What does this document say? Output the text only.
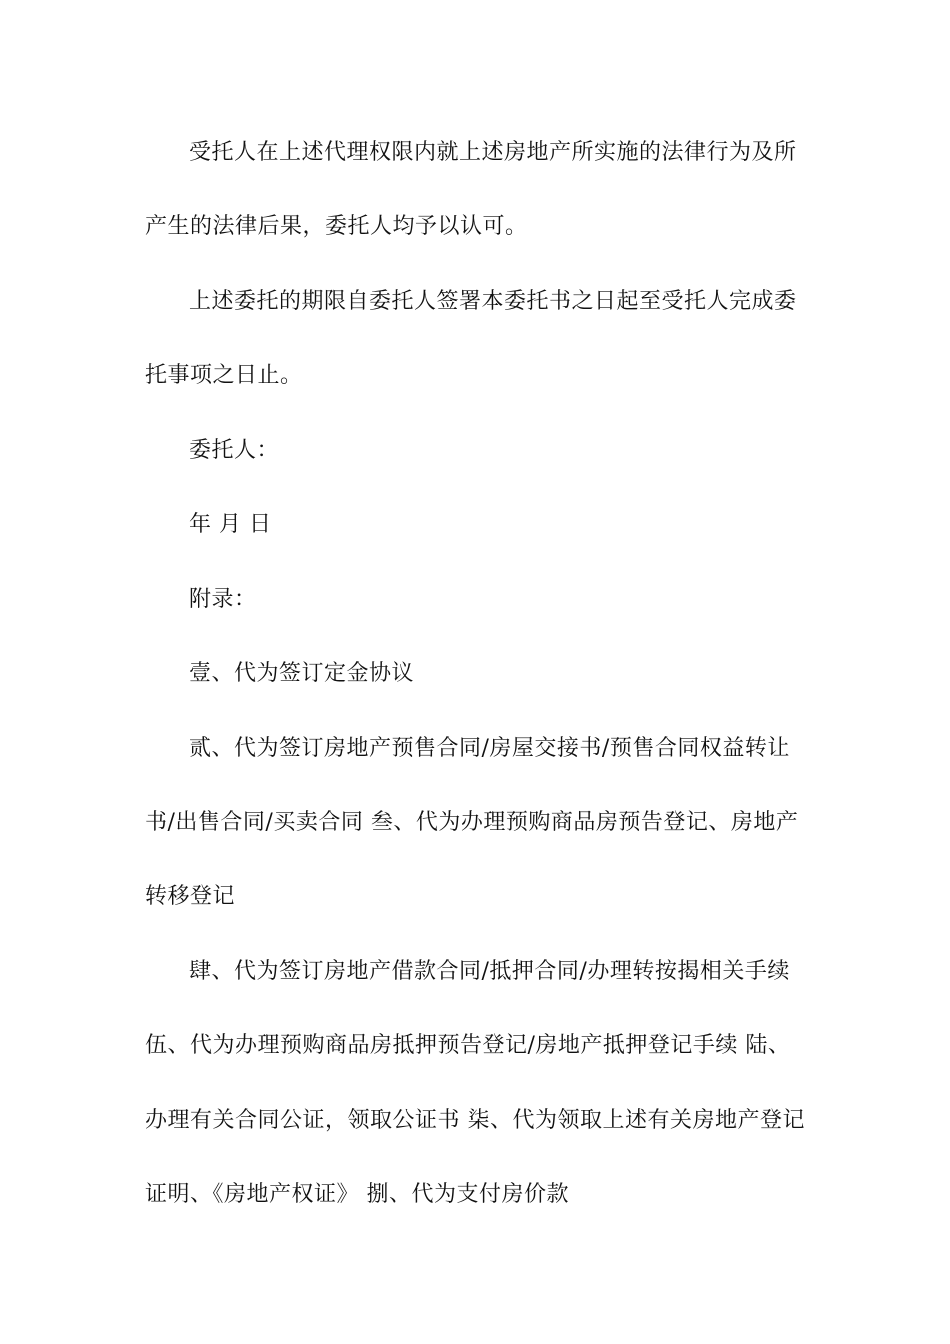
受托人在上述代理权限内就上述房地产所实施的法律行为及所
产生的法律后果，委托人均予以认可。
上述委托的期限自委托人签署本委托书之日起至受托人完成委
托事项之日止。
委托人：
年 月 日
附录：
壹、代为签订定金协议
贰、代为签订房地产预售合同/房屋交接书/预售合同权益转让
书/出售合同/买卖合同 叁、代为办理预购商品房预告登记、房地产
转移登记
肆、代为签订房地产借款合同/抵押合同/办理转按揭相关手续
伍、代为办理预购商品房抵押预告登记/房地产抵押登记手续 陆、
办理有关合同公证，领取公证书 柒、代为领取上述有关房地产登记
证明、《房地产权证》 捌、代为支付房价款
